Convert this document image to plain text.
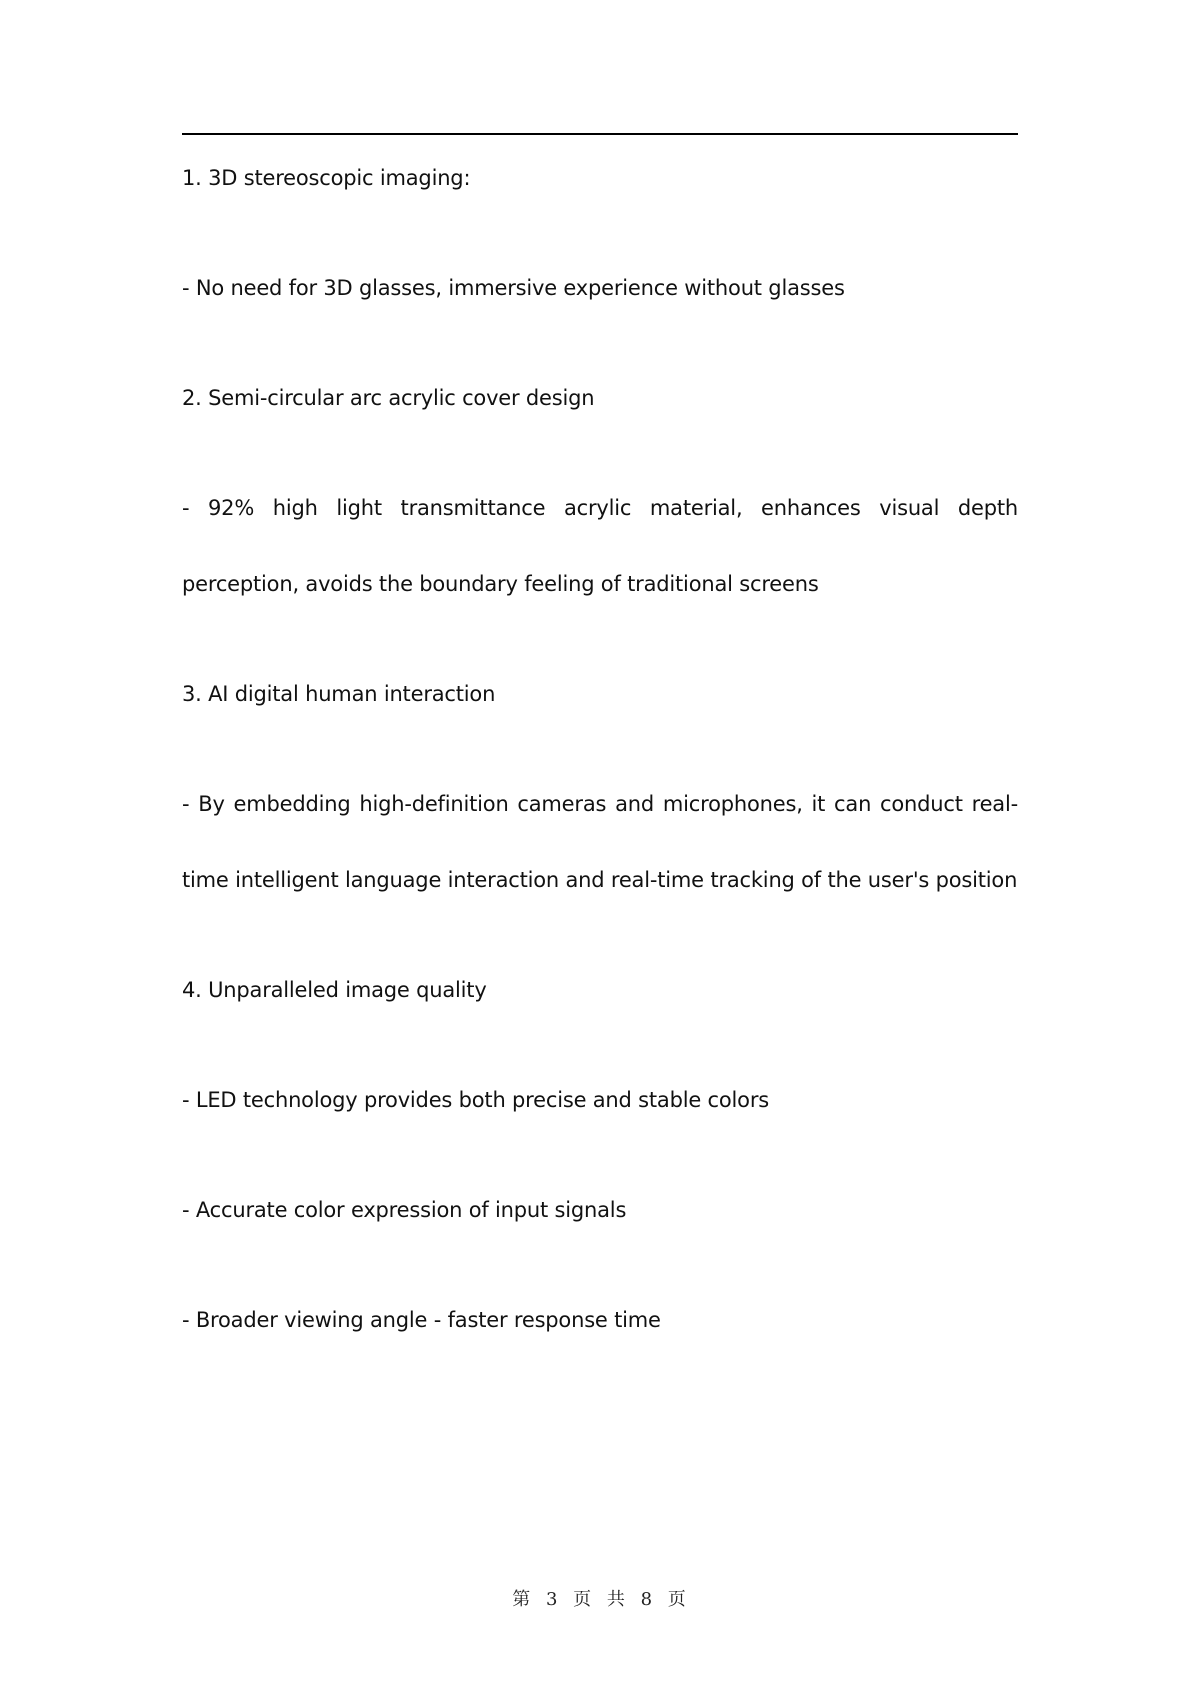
1. 3D stereoscopic imaging:

- No need for 3D glasses, immersive experience without glasses

2. Semi-circular arc acrylic cover design

- 92% high light transmittance acrylic material, enhances visual depth perception, avoids the boundary feeling of traditional screens

3. AI digital human interaction

- By embedding high-definition cameras and microphones, it can conduct real-time intelligent language interaction and real-time tracking of the user's position

4. Unparalleled image quality

- LED technology provides both precise and stable colors

- Accurate color expression of input signals

- Broader viewing angle - faster response time

第 3 页 共 8 页
